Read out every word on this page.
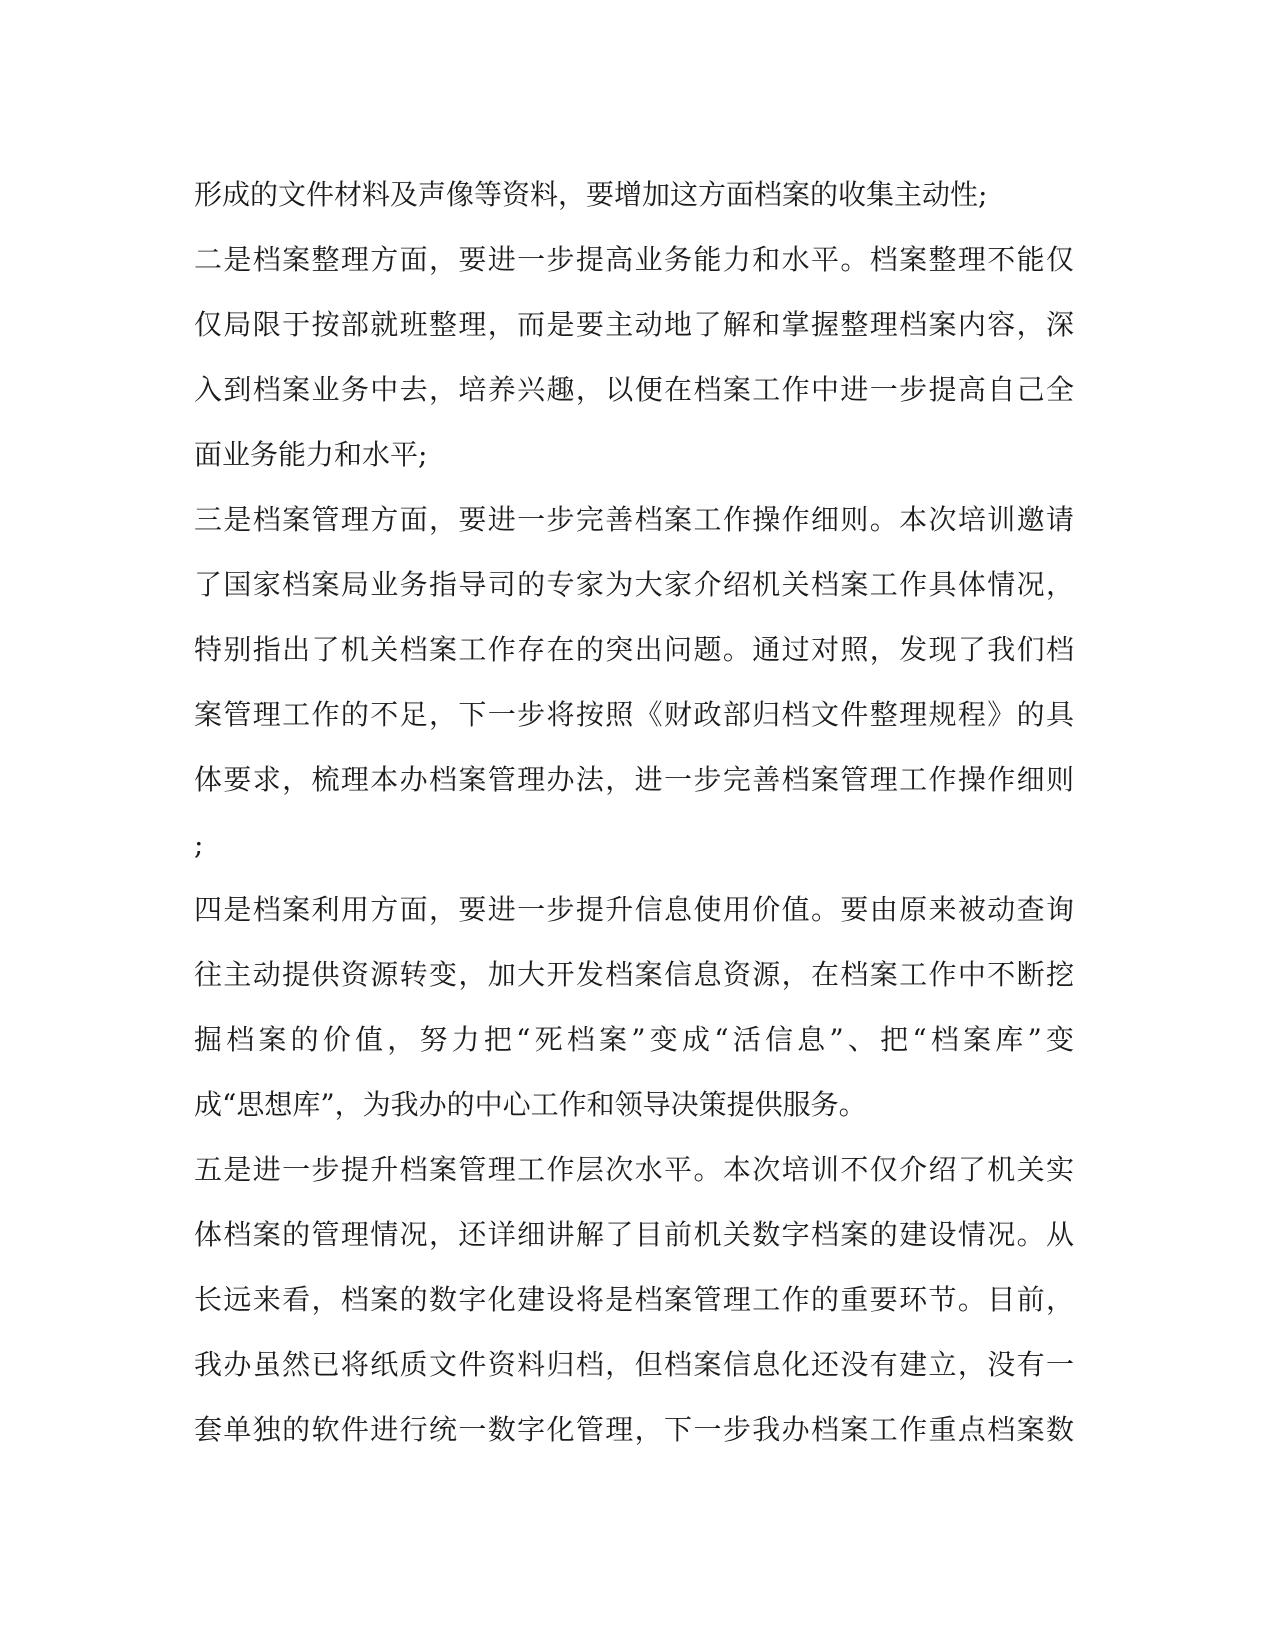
形成的文件材料及声像等资料，要增加这方面档案的收集主动性;
二是档案整理方面，要进一步提高业务能力和水平。档案整理不能仅
仅局限于按部就班整理，而是要主动地了解和掌握整理档案内容，深
入到档案业务中去，培养兴趣，以便在档案工作中进一步提高自己全
面业务能力和水平;
三是档案管理方面，要进一步完善档案工作操作细则。本次培训邀请
了国家档案局业务指导司的专家为大家介绍机关档案工作具体情况，
特别指出了机关档案工作存在的突出问题。通过对照，发现了我们档
案管理工作的不足，下一步将按照《财政部归档文件整理规程》的具
体要求，梳理本办档案管理办法，进一步完善档案管理工作操作细则
;
四是档案利用方面，要进一步提升信息使用价值。要由原来被动查询
往主动提供资源转变，加大开发档案信息资源，在档案工作中不断挖
掘档案的价值，努力把“死档案”变成“活信息”、把“档案库”变
成“思想库”，为我办的中心工作和领导决策提供服务。
五是进一步提升档案管理工作层次水平。本次培训不仅介绍了机关实
体档案的管理情况，还详细讲解了目前机关数字档案的建设情况。从
长远来看，档案的数字化建设将是档案管理工作的重要环节。目前，
我办虽然已将纸质文件资料归档，但档案信息化还没有建立，没有一
套单独的软件进行统一数字化管理，下一步我办档案工作重点档案数
